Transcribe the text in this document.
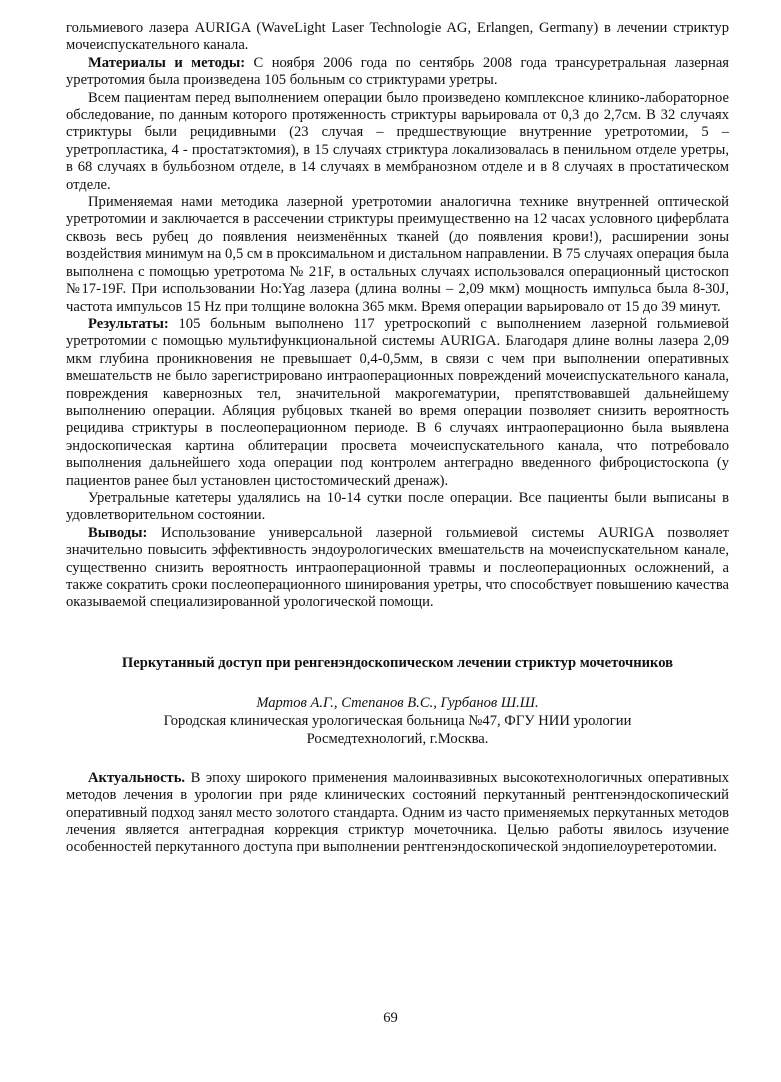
гольмиевого лазера AURIGA (WaveLight Laser Technologie AG, Erlangen, Germany) в лечении стриктур мочеиспускательного канала.

Материалы и методы: С ноября 2006 года по сентябрь 2008 года трансуретральная лазерная уретротомия была произведена 105 больным со стриктурами уретры.

Всем пациентам перед выполнением операции было произведено комплексное клинико-лабораторное обследование, по данным которого протяженность стриктуры варьировала от 0,3 до 2,7см. В 32 случаях стриктуры были рецидивными (23 случая – предшествующие внутренние уретротомии, 5 – уретропластика, 4 - простатэктомия), в 15 случаях стриктура локализовалась в пенильном отделе уретры, в 68 случаях в бульбозном отделе, в 14 случаях в мембранозном отделе и в 8 случаях в простатическом отделе.

Применяемая нами методика лазерной уретротомии аналогична технике внутренней оптической уретротомии и заключается в рассечении стриктуры преимущественно на 12 часах условного циферблата сквозь весь рубец до появления неизменённых тканей (до появления крови!), расширении зоны воздействия минимум на 0,5 см в проксимальном и дистальном направлении. В 75 случаях операция была выполнена с помощью уретротома № 21F, в остальных случаях использовался операционный цистоскоп №17-19F. При использовании Ho:Yag лазера (длина волны – 2,09 мкм) мощность импульса была 8-30J, частота импульсов 15 Hz при толщине волокна 365 мкм. Время операции варьировало от 15 до 39 минут.

Результаты: 105 больным выполнено 117 уретроскопий с выполнением лазерной гольмиевой уретротомии с помощью мультифункциональной системы AURIGA. Благодаря длине волны лазера 2,09 мкм глубина проникновения не превышает 0,4-0,5мм, в связи с чем при выполнении оперативных вмешательств не было зарегистрировано интраоперационных повреждений мочеиспускательного канала, повреждения кавернозных тел, значительной макрогематурии, препятствовавшей дальнейшему выполнению операции. Абляция рубцовых тканей во время операции позволяет снизить вероятность рецидива стриктуры в послеоперационном периоде. В 6 случаях интраоперационно была выявлена эндоскопическая картина облитерации просвета мочеиспускательного канала, что потребовало выполнения дальнейшего хода операции под контролем антеградно введенного фиброцистоскопа (у пациентов ранее был установлен цистостомический дренаж).

Уретральные катетеры удалялись на 10-14 сутки после операции. Все пациенты были выписаны в удовлетворительном состоянии.

Выводы: Использование универсальной лазерной гольмиевой системы AURIGA позволяет значительно повысить эффективность эндоурологических вмешательств на мочеиспускательном канале, существенно снизить вероятность интраоперационной травмы и послеоперационных осложнений, а также сократить сроки послеоперационного шинирования уретры, что способствует повышению качества оказываемой специализированной урологической помощи.

Перкутанный доступ при ренгенэндоскопическом лечении стриктур мочеточников
Мартов А.Г., Степанов В.С., Гурбанов Ш.Ш.
Городская клиническая урологическая больница №47, ФГУ НИИ урологии
Росмедтехнологий, г.Москва.

Актуальность. В эпоху широкого применения малоинвазивных высокотехнологичных оперативных методов лечения в урологии при ряде клинических состояний перкутанный рентгенэндоскопический оперативный подход занял место золотого стандарта. Одним из часто применяемых перкутанных методов лечения является антеградная коррекция стриктур мочеточника. Целью работы явилось изучение особенностей перкутанного доступа при выполнении рентгенэндоскопической эндопиелоуретеротомии.

69
